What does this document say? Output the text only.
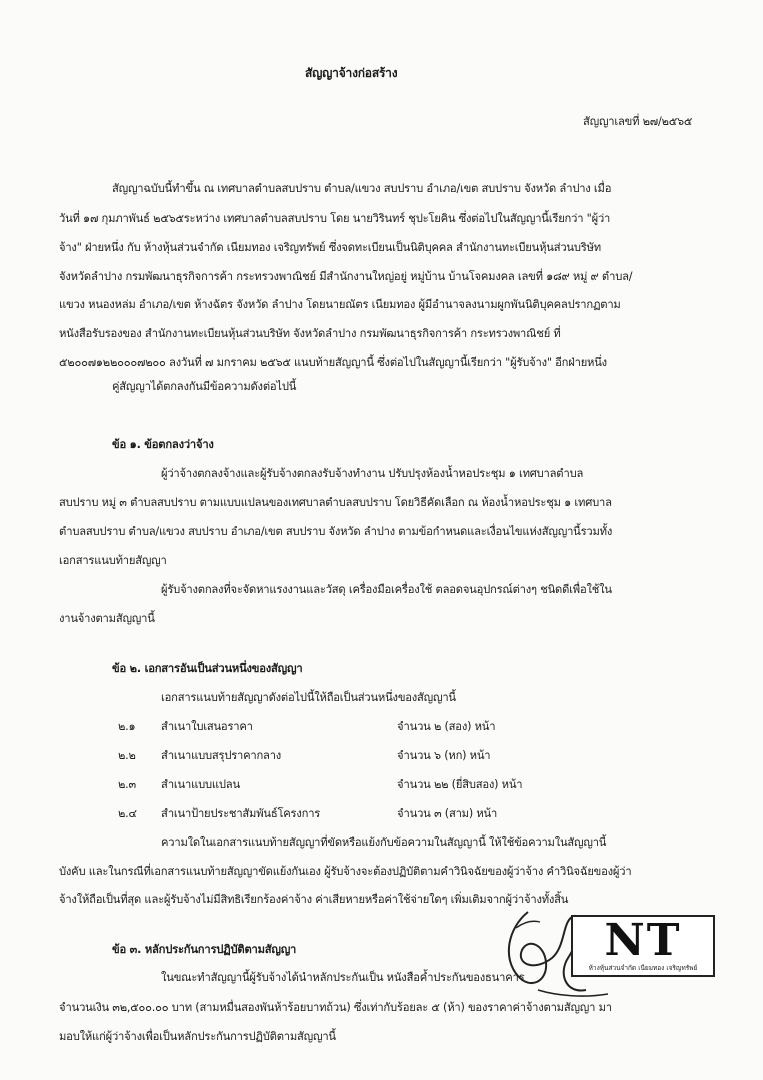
สัญญาจ้างก่อสร้าง
สัญญาเลขที่ ๒๗/๒๕๖๕
สัญญาฉบับนี้ทำขึ้น ณ เทศบาลตำบลสบปราบ ตำบล/แขวง สบปราบ อำเภอ/เขต สบปราบ จังหวัด ลำปาง เมื่อ
วันที่ ๑๗ กุมภาพันธ์ ๒๕๖๕ระหว่าง เทศบาลตำบลสบปราบ โดย นายวิรินทร์ ชุปะโยคิน ซึ่งต่อไปในสัญญานี้เรียกว่า "ผู้ว่า
จ้าง" ฝ่ายหนึ่ง กับ ห้างหุ้นส่วนจำกัด เนียมทอง เจริญทรัพย์ ซึ่งจดทะเบียนเป็นนิติบุคคล สำนักงานทะเบียนหุ้นส่วนบริษัท
จังหวัดลำปาง กรมพัฒนาธุรกิจการค้า กระทรวงพาณิชย์ มีสำนักงานใหญ่อยู่ หมู่บ้าน บ้านโจคมงคล เลขที่ ๑๘๙ หมู่ ๙ ตำบล/
แขวง หนองหล่ม อำเภอ/เขต ห้างฉัตร จังหวัด ลำปาง โดยนายณัตร เนียมทอง ผู้มีอำนาจลงนามผูกพันนิติบุคคลปรากฏตาม
หนังสือรับรองของ สำนักงานทะเบียนหุ้นส่วนบริษัท จังหวัดลำปาง กรมพัฒนาธุรกิจการค้า กระทรวงพาณิชย์ ที่
๕๒๐๐๗๑๒๒๐๐๐๗๒๐๐ ลงวันที่ ๗ มกราคม ๒๕๖๕ แนบท้ายสัญญานี้ ซึ่งต่อไปในสัญญานี้เรียกว่า "ผู้รับจ้าง" อีกฝ่ายหนึ่ง
คู่สัญญาได้ตกลงกันมีข้อความดังต่อไปนี้
ข้อ ๑. ข้อตกลงว่าจ้าง
ผู้ว่าจ้างตกลงจ้างและผู้รับจ้างตกลงรับจ้างทำงาน ปรับปรุงห้องน้ำหอประชุม ๑ เทศบาลตำบล
สบปราบ หมู่ ๓ ตำบลสบปราบ ตามแบบแปลนของเทศบาลตำบลสบปราบ โดยวิธีคัดเลือก ณ ห้องน้ำหอประชุม ๑ เทศบาล
ตำบลสบปราบ ตำบล/แขวง สบปราบ อำเภอ/เขต สบปราบ จังหวัด ลำปาง ตามข้อกำหนดและเงื่อนไขแห่งสัญญานี้รวมทั้ง
เอกสารแนบท้ายสัญญา
ผู้รับจ้างตกลงที่จะจัดหาแรงงานและวัสดุ เครื่องมือเครื่องใช้ ตลอดจนอุปกรณ์ต่างๆ ชนิดดีเพื่อใช้ใน
งานจ้างตามสัญญานี้
ข้อ ๒. เอกสารอันเป็นส่วนหนึ่งของสัญญา
เอกสารแนบท้ายสัญญาดังต่อไปนี้ให้ถือเป็นส่วนหนึ่งของสัญญานี้
๒.๑ สำเนาใบเสนอราคา	จำนวน ๒ (สอง) หน้า
๒.๒ สำเนาแบบสรุปราคากลาง	จำนวน ๖ (หก) หน้า
๒.๓ สำเนาแบบแปลน	จำนวน ๒๒ (ยี่สิบสอง) หน้า
๒.๔ สำเนาป้ายประชาสัมพันธ์โครงการ	จำนวน ๓ (สาม) หน้า
ความใดในเอกสารแนบท้ายสัญญาที่ขัดหรือแย้งกับข้อความในสัญญานี้ ให้ใช้ข้อความในสัญญานี้
บังคับ และในกรณีที่เอกสารแนบท้ายสัญญาขัดแย้งกันเอง ผู้รับจ้างจะต้องปฏิบัติตามคำวินิจฉัยของผู้ว่าจ้าง คำวินิจฉัยของผู้ว่า
จ้างให้ถือเป็นที่สุด และผู้รับจ้างไม่มีสิทธิเรียกร้องค่าจ้าง ค่าเสียหายหรือค่าใช้จ่ายใดๆ เพิ่มเติมจากผู้ว่าจ้างทั้งสิ้น
ข้อ ๓. หลักประกันการปฏิบัติตามสัญญา
ในขณะทำสัญญานี้ผู้รับจ้างได้นำหลักประกันเป็น หนังสือค้ำประกันของธนาคาร
จำนวนเงิน ๓๒,๕๐๐.๐๐ บาท (สามหมื่นสองพันห้าร้อยบาทถ้วน) ซึ่งเท่ากับร้อยละ ๕ (ห้า) ของราคาค่าจ้างตามสัญญา มา
มอบให้แก่ผู้ว่าจ้างเพื่อเป็นหลักประกันการปฏิบัติตามสัญญานี้
NT
ห้างหุ้นส่วนจำกัด เนียมทอง เจริญทรัพย์
